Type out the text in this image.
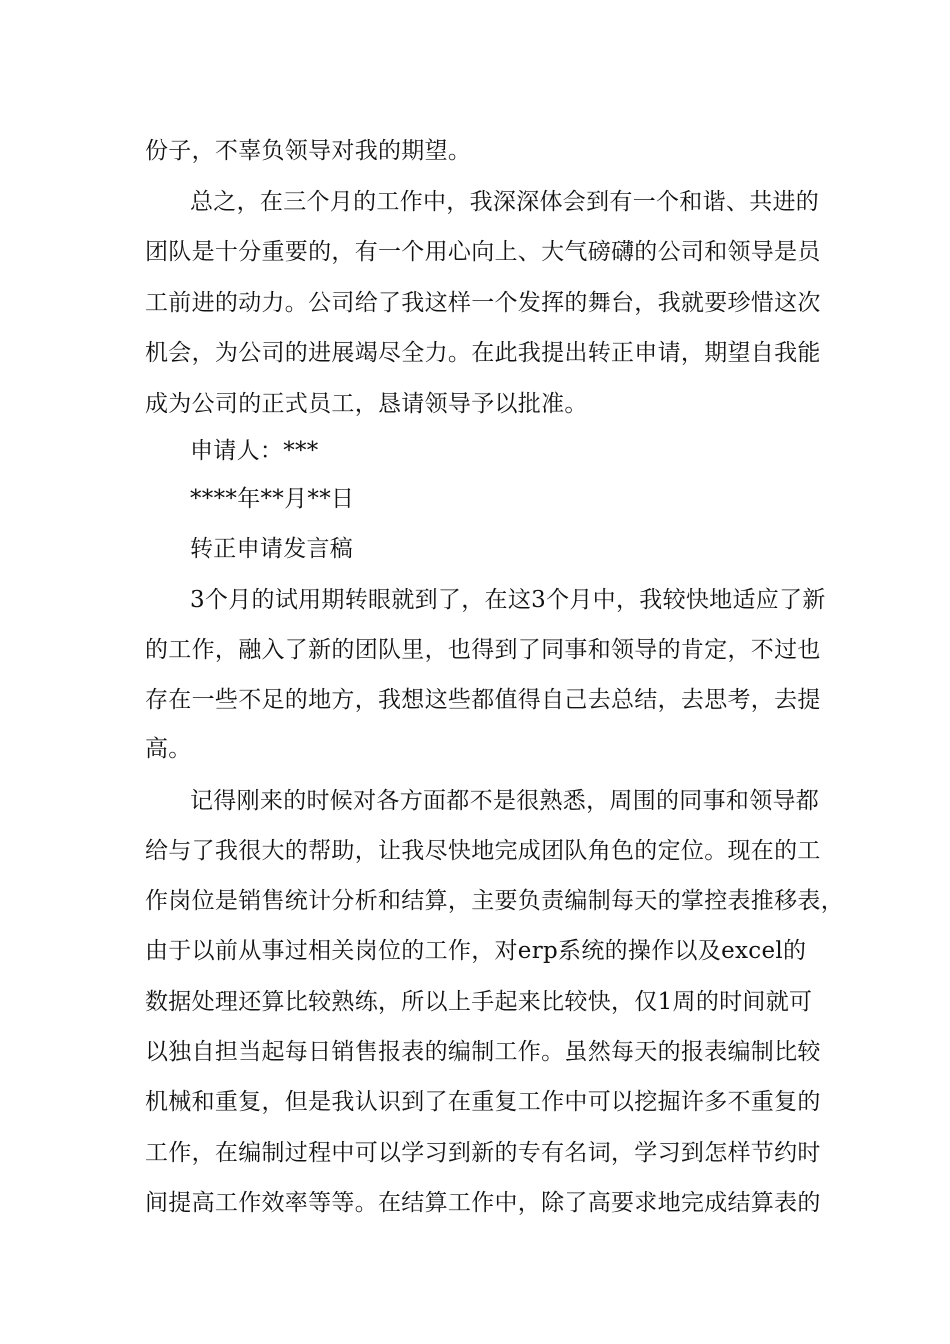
份子，不辜负领导对我的期望。
总之，在三个月的工作中，我深深体会到有一个和谐、共进的
团队是十分重要的，有一个用心向上、大气磅礴的公司和领导是员
工前进的动力。公司给了我这样一个发挥的舞台，我就要珍惜这次
机会，为公司的进展竭尽全力。在此我提出转正申请，期望自我能
成为公司的正式员工，恳请领导予以批准。
申请人：***
****年**月**日
转正申请发言稿
3个月的试用期转眼就到了，在这3个月中，我较快地适应了新
的工作，融入了新的团队里，也得到了同事和领导的肯定，不过也
存在一些不足的地方，我想这些都值得自己去总结，去思考，去提
高。
记得刚来的时候对各方面都不是很熟悉，周围的同事和领导都
给与了我很大的帮助，让我尽快地完成团队角色的定位。现在的工
作岗位是销售统计分析和结算，主要负责编制每天的掌控表推移表，
由于以前从事过相关岗位的工作，对erp系统的操作以及excel的
数据处理还算比较熟练，所以上手起来比较快，仅1周的时间就可
以独自担当起每日销售报表的编制工作。虽然每天的报表编制比较
机械和重复，但是我认识到了在重复工作中可以挖掘许多不重复的
工作，在编制过程中可以学习到新的专有名词，学习到怎样节约时
间提高工作效率等等。在结算工作中，除了高要求地完成结算表的
